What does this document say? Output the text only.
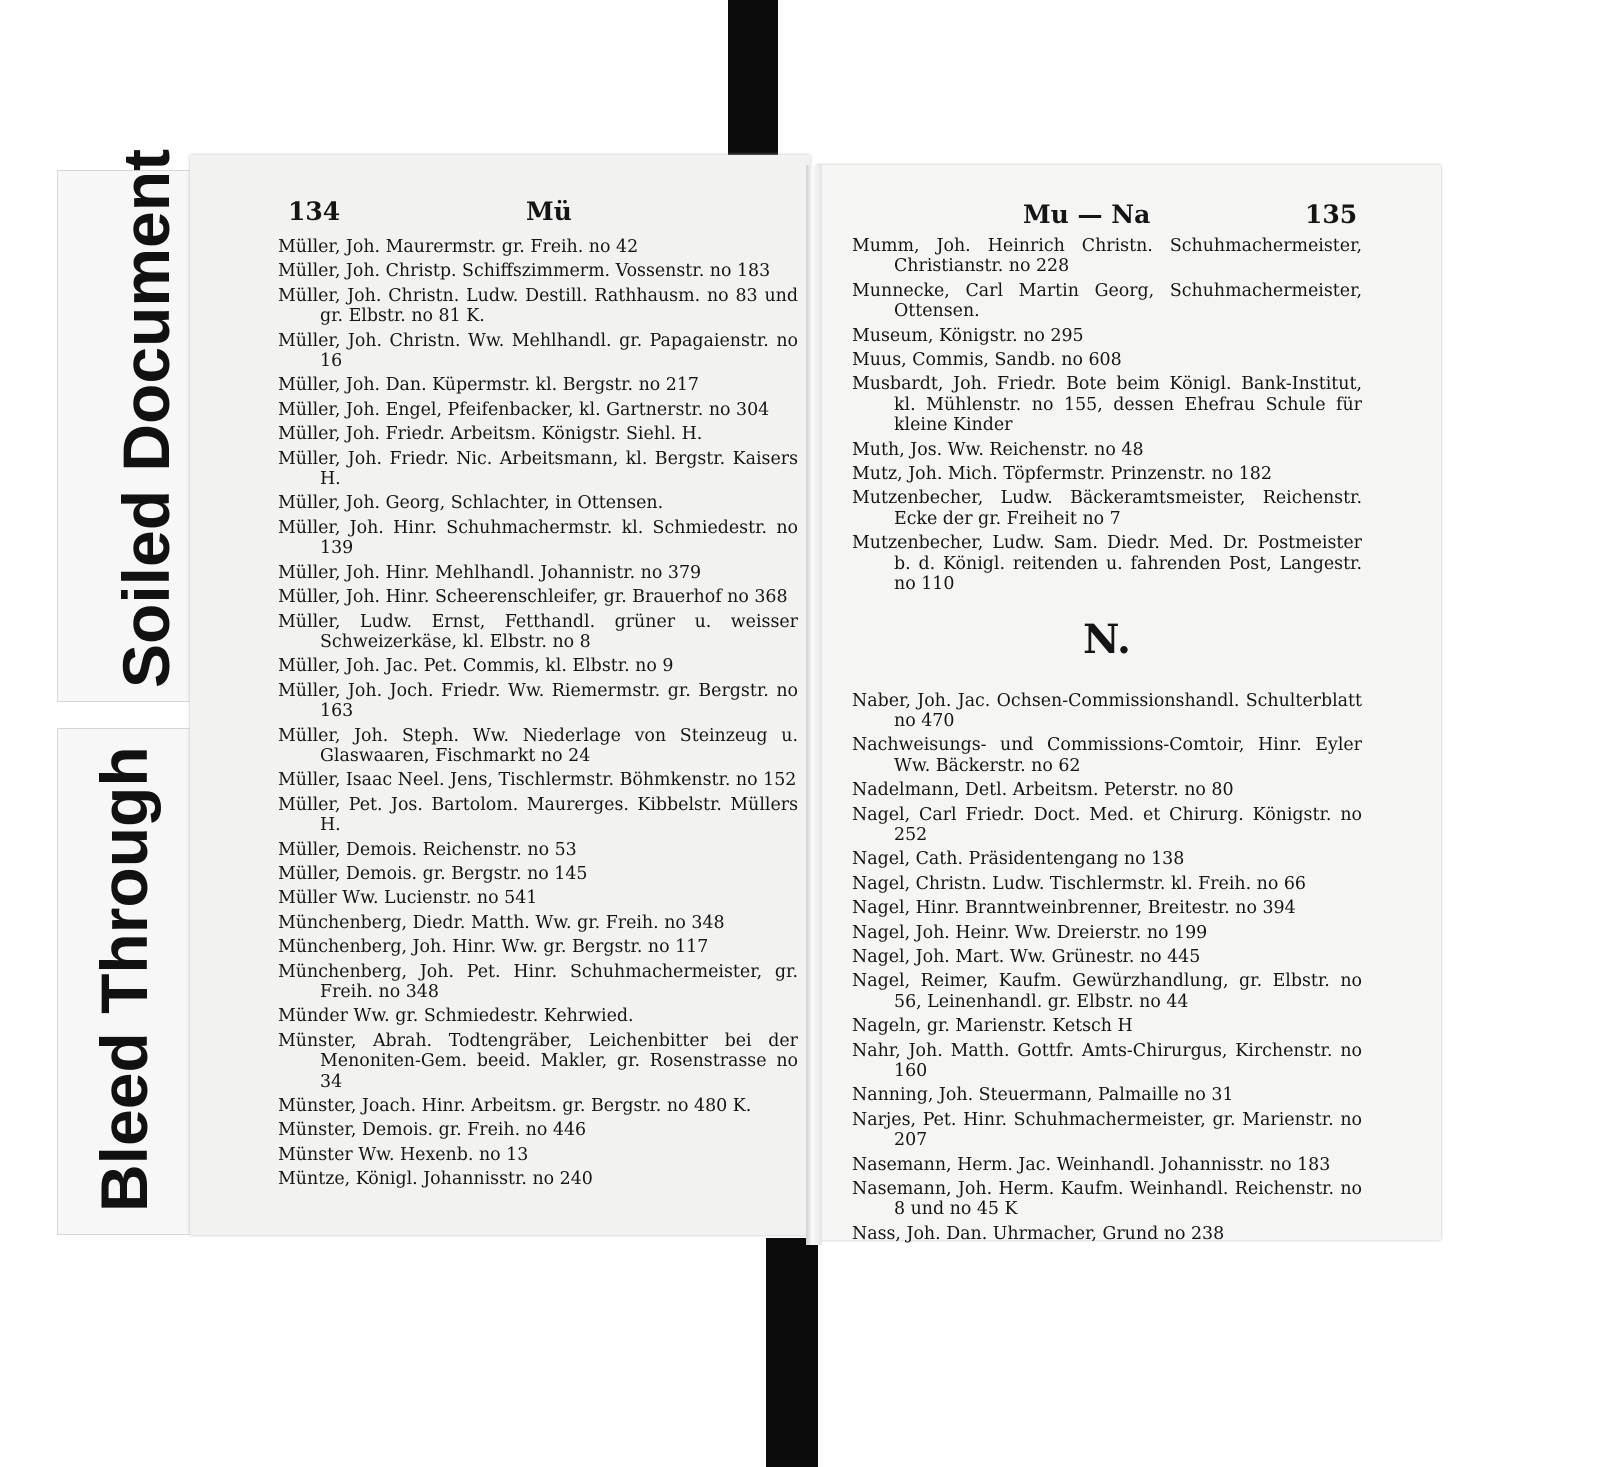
Soiled Document
Bleed Through
134	Mü	Mu — Na	135
Müller, Joh. Maurermstr. gr. Freih. no 42
Müller, Joh. Christp. Schiffszimmerm. Vossenstr. no 183
Müller, Joh. Christn. Ludw. Destill. Rathhausm. no 83 und gr. Elbstr. no 81 K.
Müller, Joh. Christn. Ww. Mehlhandl. gr. Papagaienstr. no 16
Müller, Joh. Dan. Küpermstr. kl. Bergstr. no 217
Müller, Joh. Engel, Pfeifenbacker, kl. Gartnerstr. no 304
Müller, Joh. Friedr. Arbeitsm. Königstr. Siehl. H.
Müller, Joh. Friedr. Nic. Arbeitsmann, kl. Bergstr. Kaisers H.
Müller, Joh. Georg, Schlachter, in Ottensen.
Müller, Joh. Hinr. Schuhmachermstr. kl. Schmiedestr. no 139
Müller, Joh. Hinr. Mehlhandl. Johannistr. no 379
Müller, Joh. Hinr. Scheerenschleifer, gr. Brauerhof no 368
Müller, Ludw. Ernst, Fetthandl. grüner u. weisser Schweizerkäse, kl. Elbstr. no 8
Müller, Joh. Jac. Pet. Commis, kl. Elbstr. no 9
Müller, Joh. Joch. Friedr. Ww. Riemermstr. gr. Bergstr. no 163
Müller, Joh. Steph. Ww. Niederlage von Steinzeug u. Glaswaaren, Fischmarkt no 24
Müller, Isaac Neel. Jens, Tischlermstr. Böhmkenstr. no 152
Müller, Pet. Jos. Bartolom. Maurerges. Kibbelstr. Müllers H.
Müller, Demois. Reichenstr. no 53
Müller, Demois. gr. Bergstr. no 145
Müller Ww. Lucienstr. no 541
Münchenberg, Diedr. Matth. Ww. gr. Freih. no 348
Münchenberg, Joh. Hinr. Ww. gr. Bergstr. no 117
Münchenberg, Joh. Pet. Hinr. Schuhmachermeister, gr. Freih. no 348
Münder Ww. gr. Schmiedestr. Kehrwied.
Münster, Abrah. Todtengräber, Leichenbitter bei der Menoniten-Gem. beeid. Makler, gr. Rosenstrasse no 34
Münster, Joach. Hinr. Arbeitsm. gr. Bergstr. no 480 K.
Münster, Demois. gr. Freih. no 446
Münster Ww. Hexenb. no 13
Müntze, Königl. Johannisstr. no 240
Mumm, Joh. Heinrich Christn. Schuhmachermeister, Christianstr. no 228
Munnecke, Carl Martin Georg, Schuhmachermeister, Ottensen.
Museum, Königstr. no 295
Muus, Commis, Sandb. no 608
Musbardt, Joh. Friedr. Bote beim Königl. Bank-Institut, kl. Mühlenstr. no 155, dessen Ehefrau Schule für kleine Kinder
Muth, Jos. Ww. Reichenstr. no 48
Mutz, Joh. Mich. Töpfermstr. Prinzenstr. no 182
Mutzenbecher, Ludw. Bäckeramtsmeister, Reichenstr. Ecke der gr. Freiheit no 7
Mutzenbecher, Ludw. Sam. Diedr. Med. Dr. Postmeister b. d. Königl. reitenden u. fahrenden Post, Langestr. no 110
N.
Naber, Joh. Jac. Ochsen-Commissionshandl. Schulterblatt no 470
Nachweisungs- und Commissions-Comtoir, Hinr. Eyler Ww. Bäckerstr. no 62
Nadelmann, Detl. Arbeitsm. Peterstr. no 80
Nagel, Carl Friedr. Doct. Med. et Chirurg. Königstr. no 252
Nagel, Cath. Präsidentengang no 138
Nagel, Christn. Ludw. Tischlermstr. kl. Freih. no 66
Nagel, Hinr. Branntweinbrenner, Breitestr. no 394
Nagel, Joh. Heinr. Ww. Dreierstr. no 199
Nagel, Joh. Mart. Ww. Grünestr. no 445
Nagel, Reimer, Kaufm. Gewürzhandlung, gr. Elbstr. no 56, Leinenhandl. gr. Elbstr. no 44
Nageln, gr. Marienstr. Ketsch H
Nahr, Joh. Matth. Gottfr. Amts-Chirurgus, Kirchenstr. no 160
Nanning, Joh. Steuermann, Palmaille no 31
Narjes, Pet. Hinr. Schuhmachermeister, gr. Marienstr. no 207
Nasemann, Herm. Jac. Weinhandl. Johannisstr. no 183
Nasemann, Joh. Herm. Kaufm. Weinhandl. Reichenstr. no 8 und no 45 K
Nass, Joh. Dan. Uhrmacher, Grund no 238
